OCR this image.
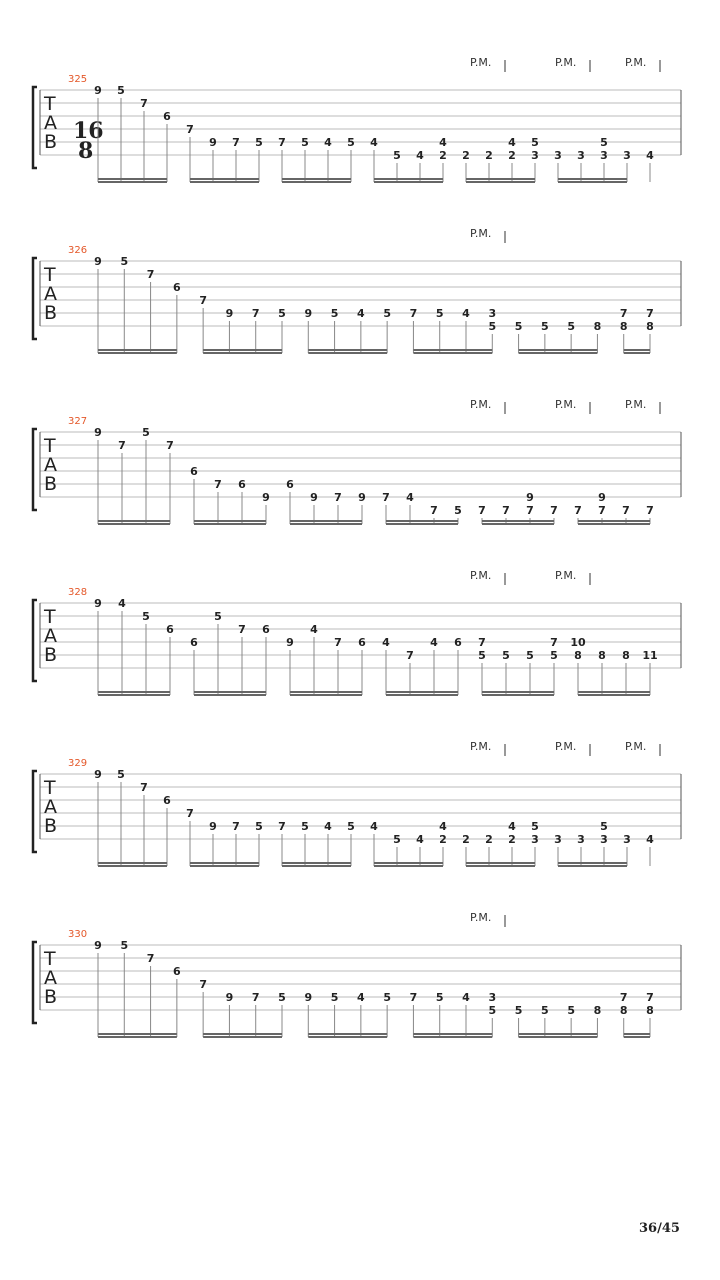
325
T
A
B 16
8
P.M.	P.M.	P.M.
9 5
7
6
7
9 7 5 7 5 4 5 4
5 4
4
2 2 2
4
2
5
3 3 3
5
3 3 4
326
T
A
B
P.M.
9 5
7
6
7
9 7 5 9 5 4 5 7 5 4 3
5 5 5 5 8
7
8
7
8
327
T
A
B
P.M.	P.M.	P.M.
9
7
5
7
6
7 6
9
6
9 7 9 7 4
7 5 7 7
9
7 7 7
9
7 7 7
328
T
A
B
P.M.	P.M.
9 4
5
6
6
5
7 6
9
4
7 6 4
7
4 6 7
5 5 5
7
5
10
8 8 8 11
329
T
A
B
P.M.	P.M.	P.M.
9 5
7
6
7
9 7 5 7 5 4 5 4
5 4
4
2 2 2
4
2
5
3 3 3
5
3 3 4
330
T
A
B
P.M.
9 5
7
6
7
9 7 5 9 5 4 5 7 5 4 3
5 5 5 5 8
7
8
7
8
36/45
